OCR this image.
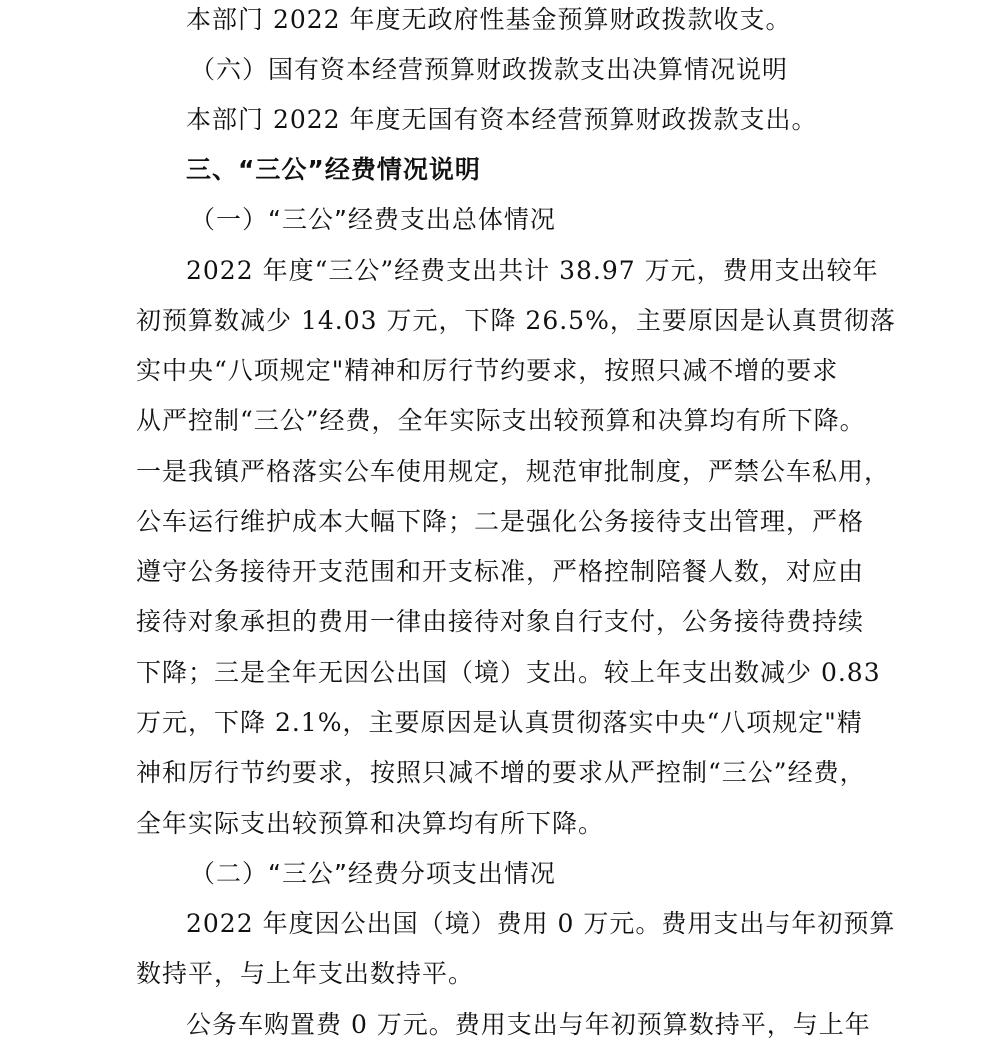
本部门 2022 年度无政府性基金预算财政拨款收支。
（六）国有资本经营预算财政拨款支出决算情况说明
本部门 2022 年度无国有资本经营预算财政拨款支出。
三、“三公”经费情况说明
（一）“三公”经费支出总体情况
2022 年度“三公”经费支出共计 38.97 万元，费用支出较年
初预算数减少 14.03 万元，下降 26.5%，主要原因是认真贯彻落
实中央“八项规定"精神和厉行节约要求，按照只减不增的要求
从严控制“三公”经费，全年实际支出较预算和决算均有所下降。
一是我镇严格落实公车使用规定，规范审批制度，严禁公车私用，
公车运行维护成本大幅下降；二是强化公务接待支出管理，严格
遵守公务接待开支范围和开支标准，严格控制陪餐人数，对应由
接待对象承担的费用一律由接待对象自行支付，公务接待费持续
下降；三是全年无因公出国（境）支出。较上年支出数减少 0.83
万元，下降 2.1%，主要原因是认真贯彻落实中央“八项规定"精
神和厉行节约要求，按照只减不增的要求从严控制“三公”经费，
全年实际支出较预算和决算均有所下降。
（二）“三公”经费分项支出情况
2022 年度因公出国（境）费用 0 万元。费用支出与年初预算
数持平，与上年支出数持平。
公务车购置费 0 万元。费用支出与年初预算数持平，与上年
